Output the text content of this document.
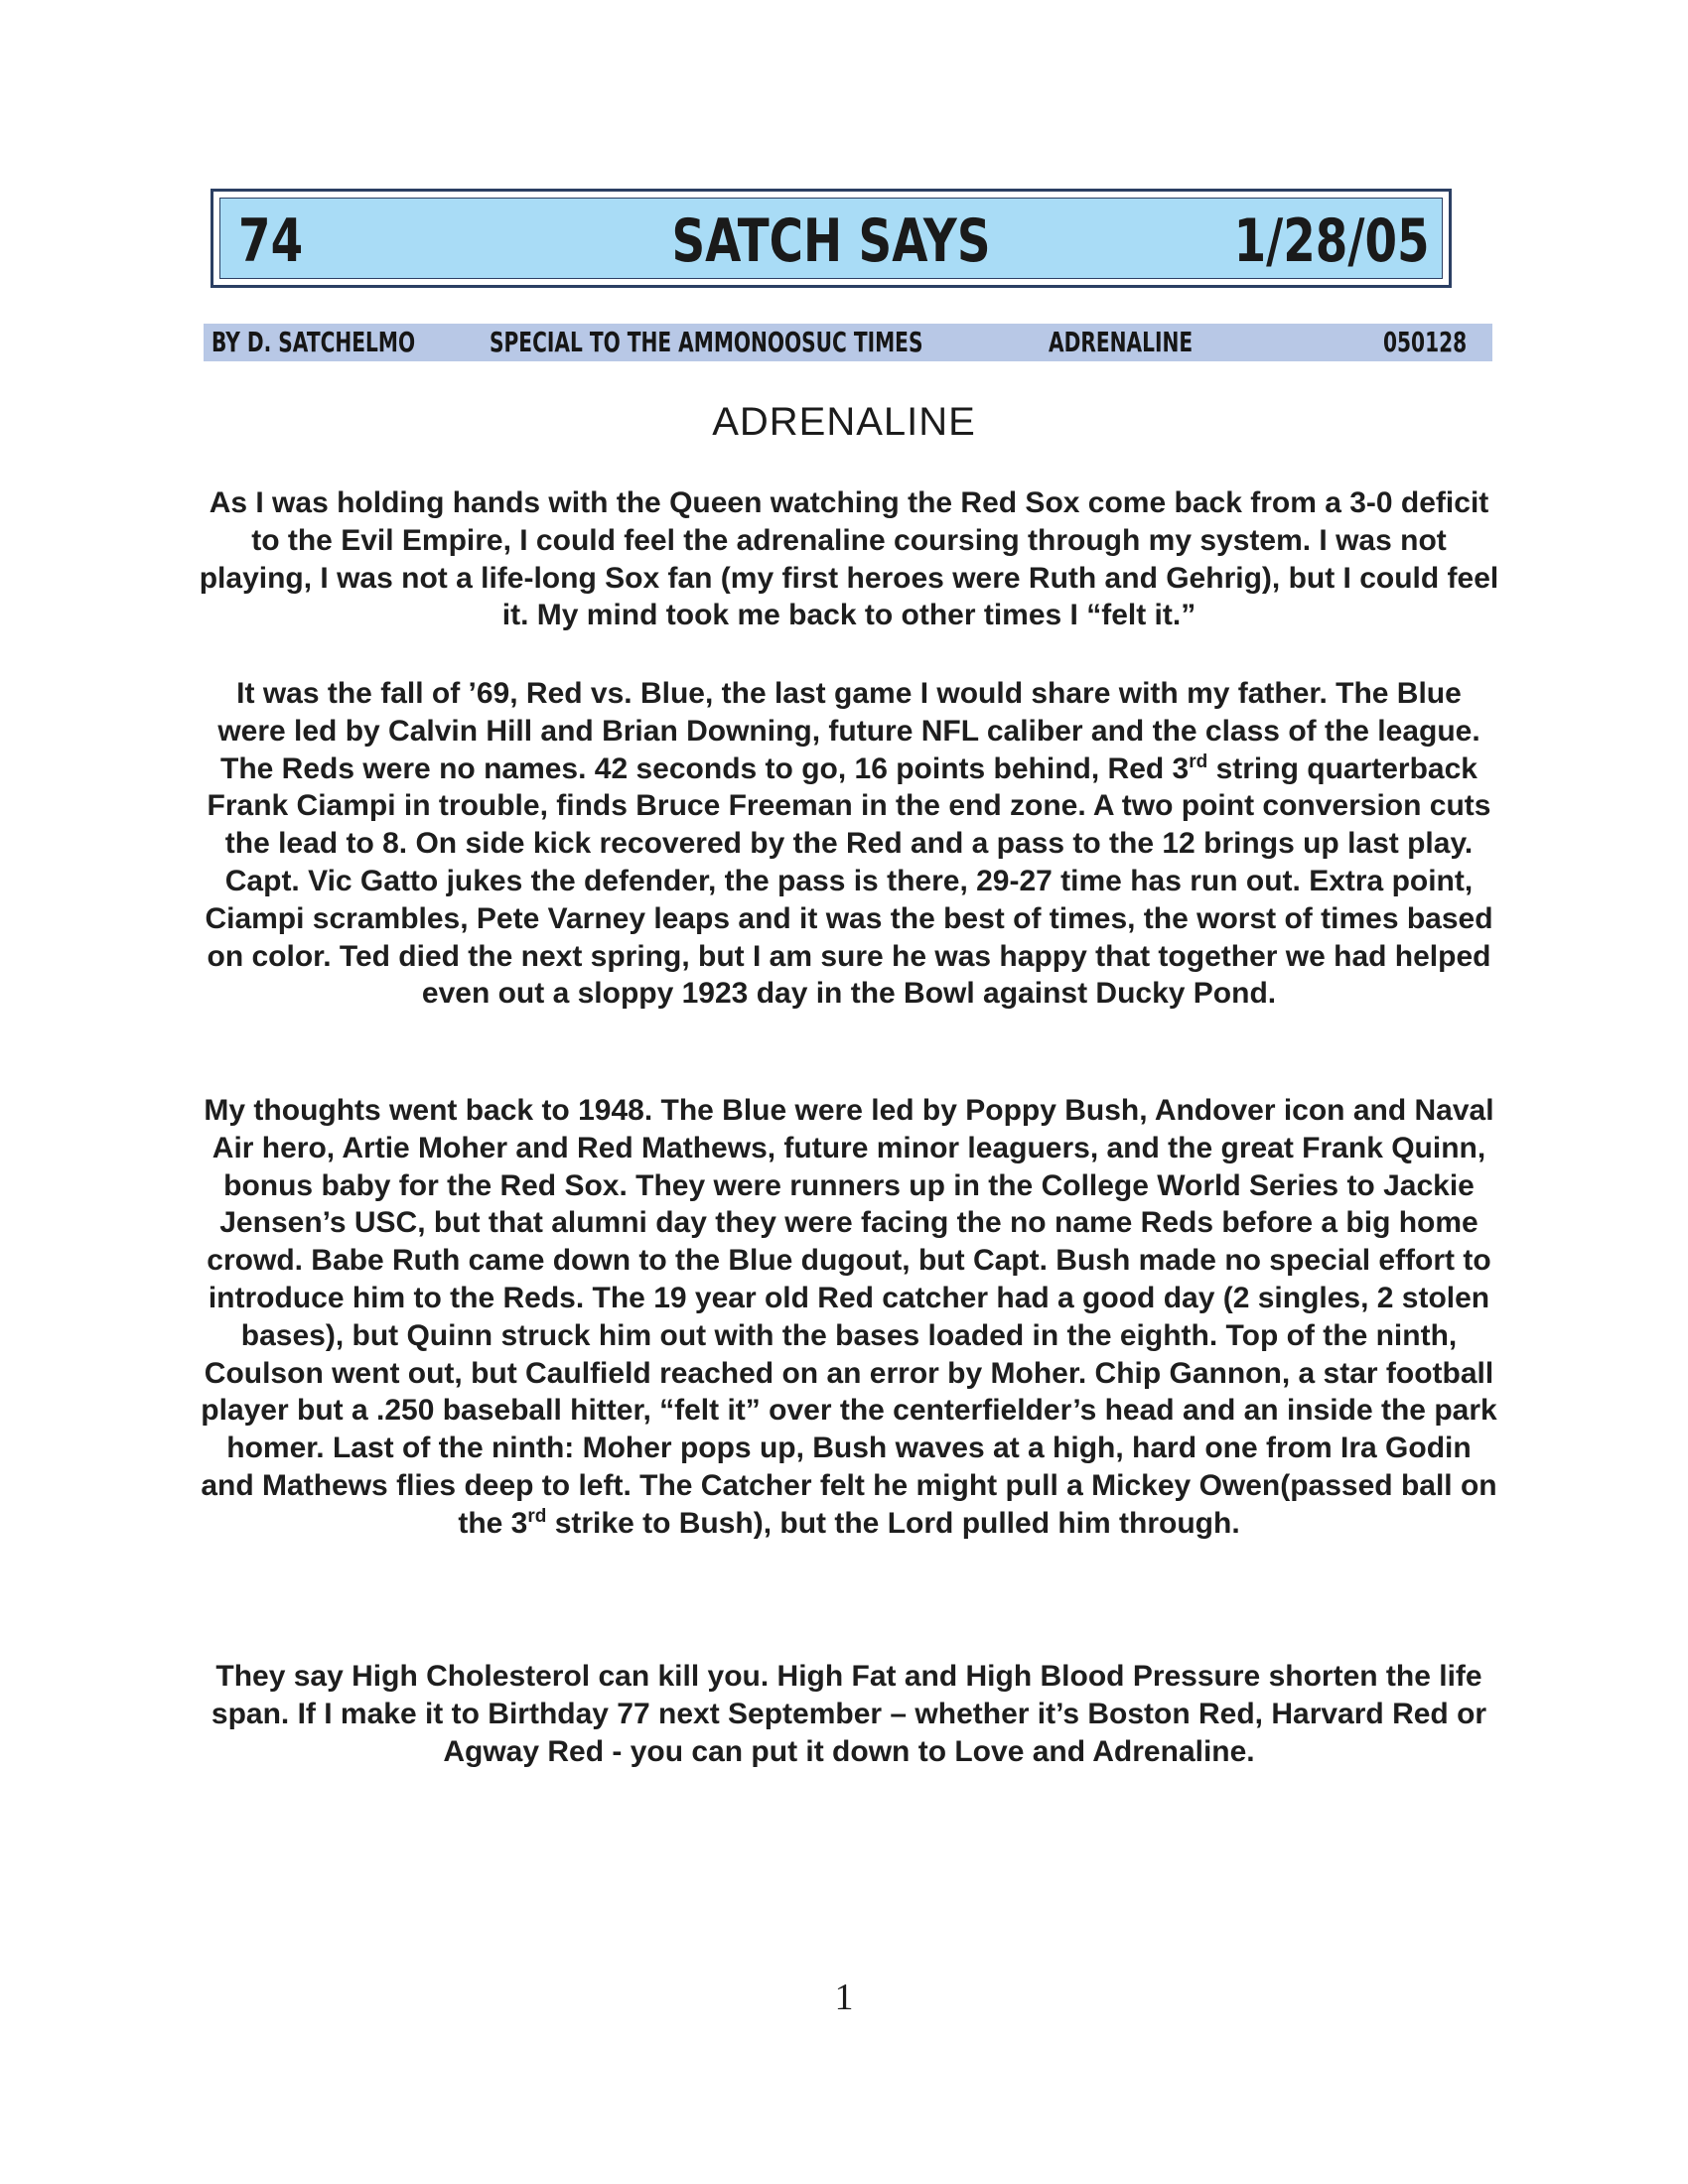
74	SATCH SAYS	1/28/05
BY D. SATCHELMO	SPECIAL TO THE AMMONOOSUC TIMES	ADRENALINE	050128
ADRENALINE

As I was holding hands with the Queen watching the Red Sox come back from a 3-0 deficit to the Evil Empire, I could feel the adrenaline coursing through my system. I was not playing, I was not a life-long Sox fan (my first heroes were Ruth and Gehrig), but I could feel it. My mind took me back to other times I “felt it.”

It was the fall of ’69, Red vs. Blue, the last game I would share with my father. The Blue were led by Calvin Hill and Brian Downing, future NFL caliber and the class of the league. The Reds were no names. 42 seconds to go, 16 points behind, Red 3rd string quarterback Frank Ciampi in trouble, finds Bruce Freeman in the end zone. A two point conversion cuts the lead to 8. On side kick recovered by the Red and a pass to the 12 brings up last play. Capt. Vic Gatto jukes the defender, the pass is there, 29-27 time has run out. Extra point, Ciampi scrambles, Pete Varney leaps and it was the best of times, the worst of times based on color. Ted died the next spring, but I am sure he was happy that together we had helped even out a sloppy 1923 day in the Bowl against Ducky Pond.

My thoughts went back to 1948. The Blue were led by Poppy Bush, Andover icon and Naval Air hero, Artie Moher and Red Mathews, future minor leaguers, and the great Frank Quinn, bonus baby for the Red Sox. They were runners up in the College World Series to Jackie Jensen’s USC, but that alumni day they were facing the no name Reds before a big home crowd. Babe Ruth came down to the Blue dugout, but Capt. Bush made no special effort to introduce him to the Reds. The 19 year old Red catcher had a good day (2 singles, 2 stolen bases), but Quinn struck him out with the bases loaded in the eighth. Top of the ninth, Coulson went out, but Caulfield reached on an error by Moher. Chip Gannon, a star football player but a .250 baseball hitter, “felt it” over the centerfielder’s head and an inside the park homer. Last of the ninth: Moher pops up, Bush waves at a high, hard one from Ira Godin and Mathews flies deep to left. The Catcher felt he might pull a Mickey Owen(passed ball on the 3rd strike to Bush), but the Lord pulled him through.

They say High Cholesterol can kill you. High Fat and High Blood Pressure shorten the life span. If I make it to Birthday 77 next September – whether it’s Boston Red, Harvard Red or Agway Red - you can put it down to Love and Adrenaline.

1
